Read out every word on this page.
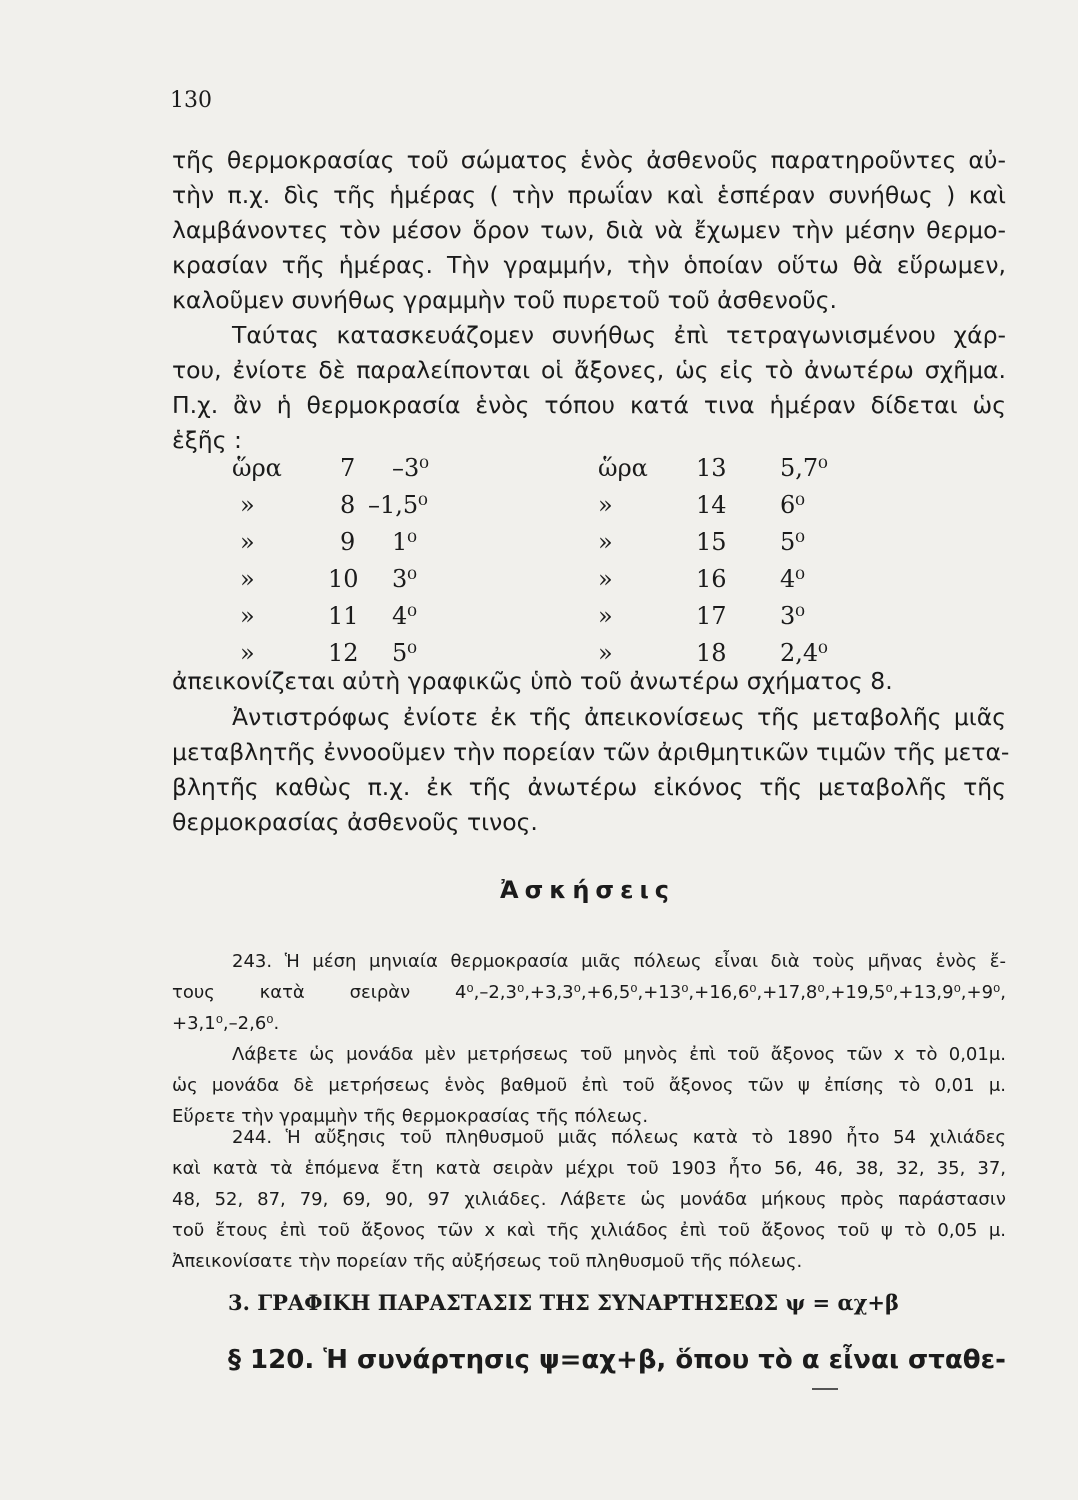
130
τῆς θερμοκρασίας τοῦ σώματος ἑνὸς ἀσθενοῦς παρατηροῦντες αὐ-
τὴν π.χ. δὶς τῆς ἡμέρας ( τὴν πρωΐαν καὶ ἑσπέραν συνήθως ) καὶ
λαμβάνοντες τὸν μέσον ὅρον των, διὰ νὰ ἔχωμεν τὴν μέσην θερμο-
κρασίαν τῆς ἡμέρας. Τὴν γραμμήν, τὴν ὁποίαν οὕτω θὰ εὕρωμεν,
καλοῦμεν συνήθως γραμμὴν τοῦ πυρετοῦ τοῦ ἀσθενοῦς.
Ταύτας κατασκευάζομεν συνήθως ἐπὶ τετραγωνισμένου χάρ-
του, ἐνίοτε δὲ παραλείπονται οἱ ἄξονες, ὡς εἰς τὸ ἀνωτέρω σχῆμα.
Π.χ. ἂν ἡ θερμοκρασία ἑνὸς τόπου κατά τινα ἡμέραν δίδεται ὡς
ἑξῆς :
ὥρα 7 –3⁰	ὥρα 13 5,7⁰
»	8 –1,5⁰	»	14 6⁰
»	9 1⁰	»	15 5⁰
»	10 3⁰	»	16 4⁰
»	11 4⁰	»	17 3⁰
»	12 5⁰	»	18 2,4⁰
ἀπεικονίζεται αὐτὴ γραφικῶς ὑπὸ τοῦ ἀνωτέρω σχήματος 8.
Ἀντιστρόφως ἐνίοτε ἐκ τῆς ἀπεικονίσεως τῆς μεταβολῆς μιᾶς
μεταβλητῆς ἐννοοῦμεν τὴν πορείαν τῶν ἀριθμητικῶν τιμῶν τῆς μετα-
βλητῆς καθὼς π.χ. ἐκ τῆς ἀνωτέρω εἰκόνος τῆς μεταβολῆς τῆς
θερμοκρασίας ἀσθενοῦς τινος.
Ἀσκήσεις
243. Ἡ μέση μηνιαία θερμοκρασία μιᾶς πόλεως εἶναι διὰ τοὺς μῆνας ἑνὸς ἔ-
τους κατὰ σειρὰν 4⁰,–2,3⁰,+3,3⁰,+6,5⁰,+13⁰,+16,6⁰,+17,8⁰,+19,5⁰,+13,9⁰,+9⁰,
+3,1⁰,–2,6⁰.
Λάβετε ὡς μονάδα μὲν μετρήσεως τοῦ μηνὸς ἐπὶ τοῦ ἄξονος τῶν x τὸ 0,01μ.
ὡς μονάδα δὲ μετρήσεως ἑνὸς βαθμοῦ ἐπὶ τοῦ ἄξονος τῶν ψ ἐπίσης τὸ 0,01 μ.
Εὕρετε τὴν γραμμὴν τῆς θερμοκρασίας τῆς πόλεως.
244. Ἡ αὔξησις τοῦ πληθυσμοῦ μιᾶς πόλεως κατὰ τὸ 1890 ἦτο 54 χιλιάδες
καὶ κατὰ τὰ ἑπόμενα ἔτη κατὰ σειρὰν μέχρι τοῦ 1903 ἦτο 56, 46, 38, 32, 35, 37,
48, 52, 87, 79, 69, 90, 97 χιλιάδες. Λάβετε ὡς μονάδα μήκους πρὸς παράστασιν
τοῦ ἔτους ἐπὶ τοῦ ἄξονος τῶν x καὶ τῆς χιλιάδος ἐπὶ τοῦ ἄξονος τοῦ ψ τὸ 0,05 μ.
Ἀπεικονίσατε τὴν πορείαν τῆς αὐξήσεως τοῦ πληθυσμοῦ τῆς πόλεως.
3. ΓΡΑΦΙΚΗ ΠΑΡΑΣΤΑΣΙΣ ΤΗΣ ΣΥΝΑΡΤΗΣΕΩΣ ψ = αχ+β
§ 120. Ἡ συνάρτησις ψ=αχ+β, ὅπου τὸ α εἶναι σταθε-
